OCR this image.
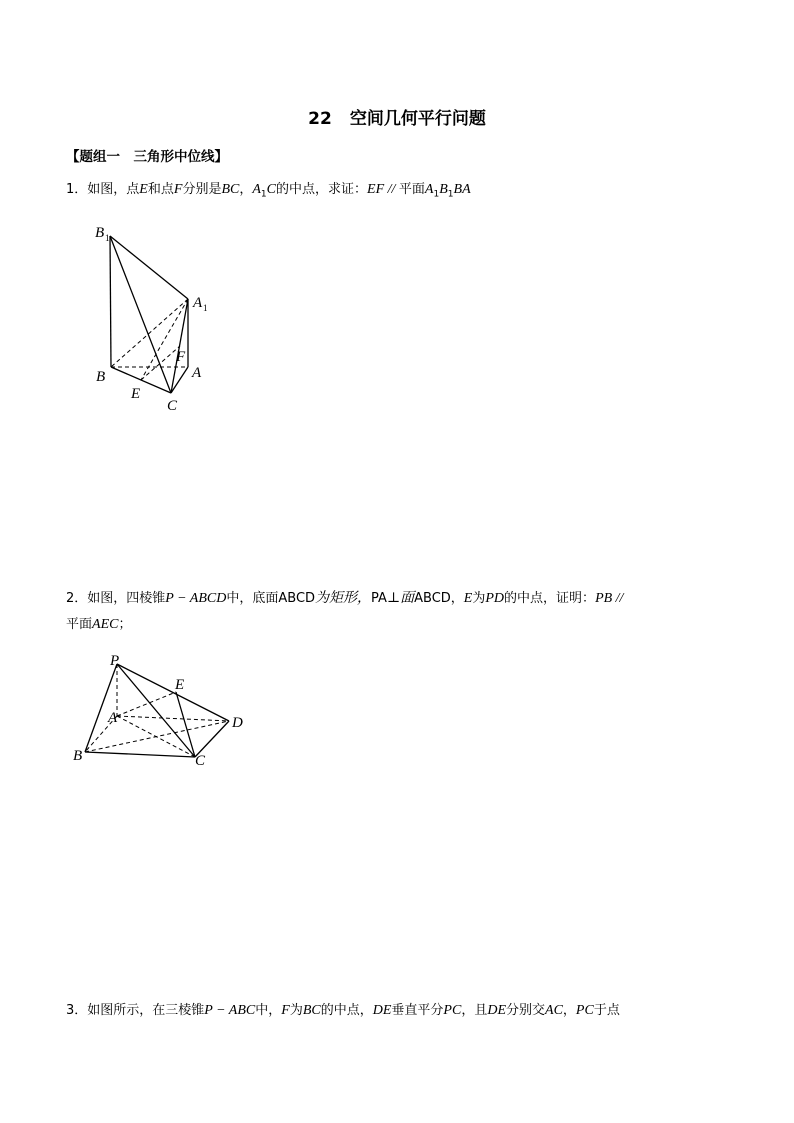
22 空间几何平行问题
【题组一　三角形中位线】
1．如图，点E和点F分别是BC，$A_1C$的中点，求证：EF // 平面$A_1B_1BA$
B 1
A 1
F
B	A
E
C
2．如图，四棱锥P − ABCD中，底面ABCD为矩形，PA⊥面ABCD，E为PD的中点，证明：PB //
平面AEC；
P
E
A	D
B	C
3．如图所示，在三棱锥P − ABC中，F为BC的中点，DE垂直平分PC，且DE分别交AC，PC于点
